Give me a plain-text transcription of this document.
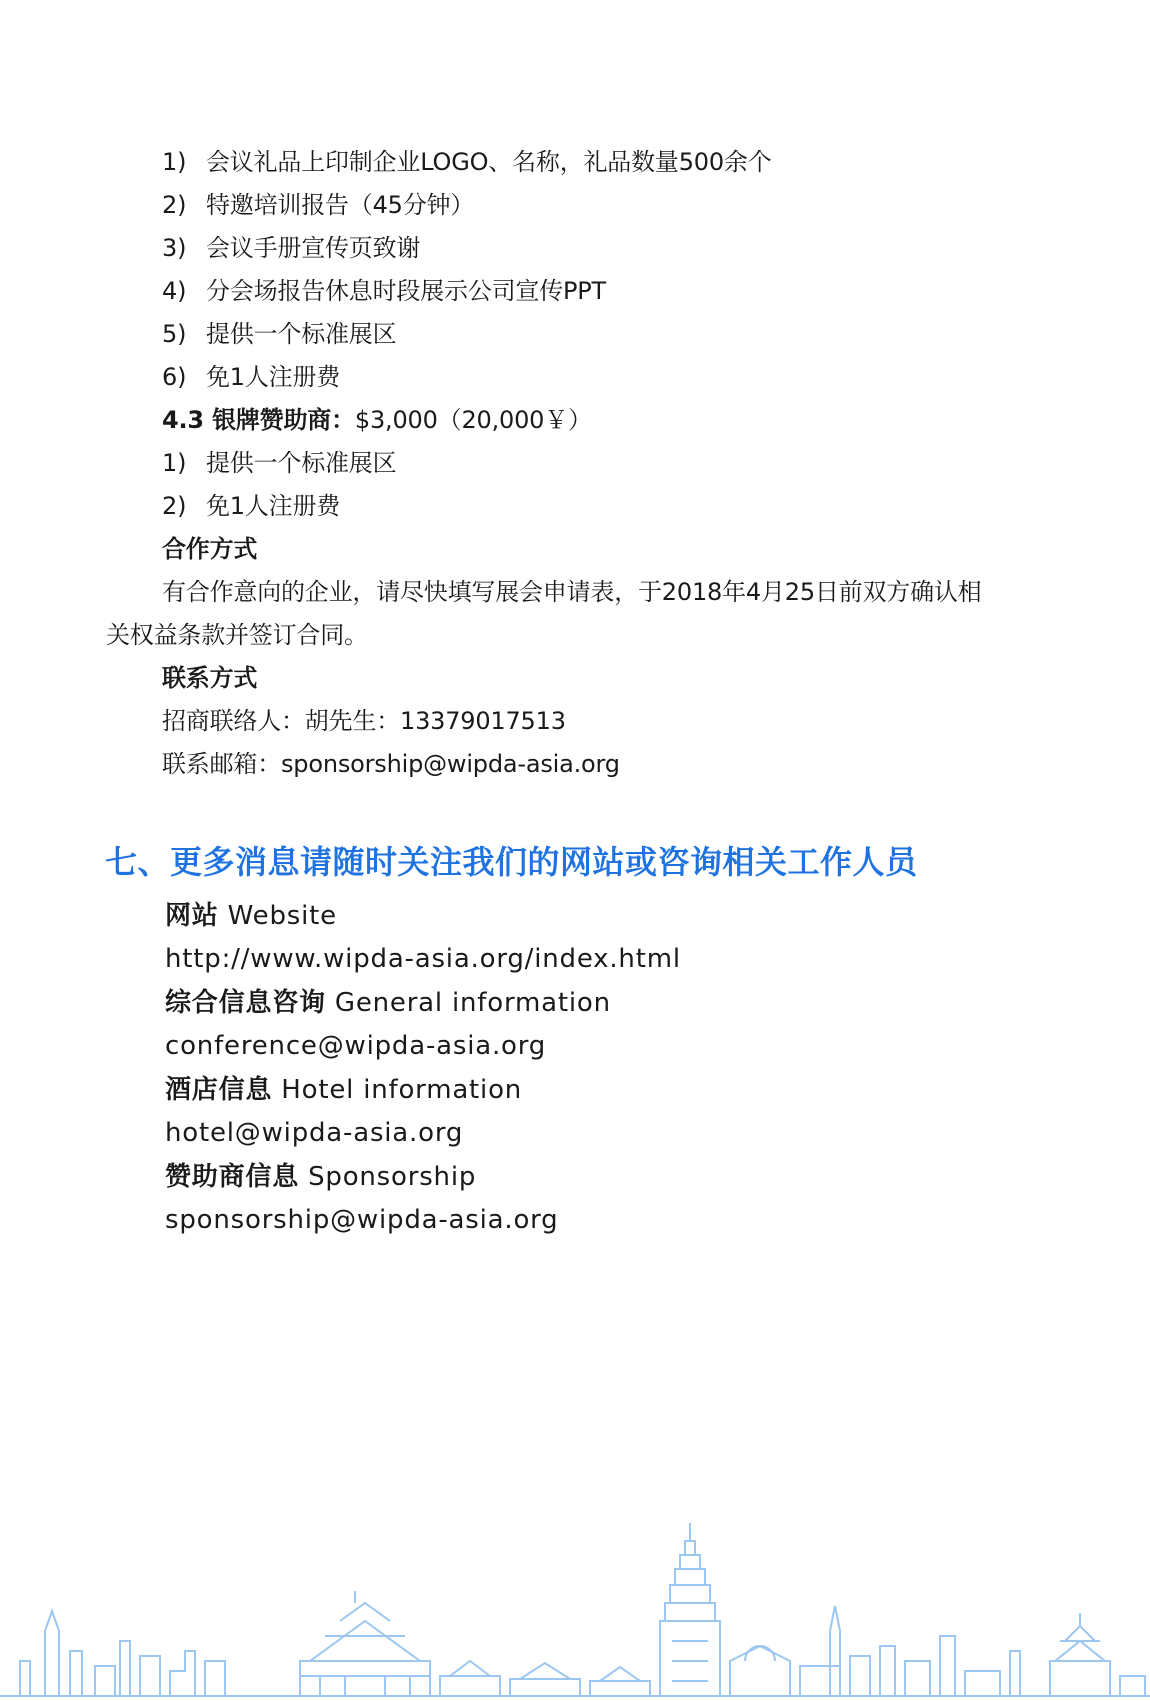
1) 会议礼品上印制企业LOGO、名称，礼品数量500余个
2) 特邀培训报告（45分钟）
3) 会议手册宣传页致谢
4) 分会场报告休息时段展示公司宣传PPT
5) 提供一个标准展区
6) 免1人注册费
4.3 银牌赞助商：$3,000（20,000￥）
1) 提供一个标准展区
2) 免1人注册费
合作方式
有合作意向的企业，请尽快填写展会申请表，于2018年4月25日前双方确认相
关权益条款并签订合同。
联系方式
招商联络人：胡先生：13379017513
联系邮箱：sponsorship@wipda-asia.org
七、更多消息请随时关注我们的网站或咨询相关工作人员
网站 Website
http://www.wipda-asia.org/index.html
综合信息咨询 General information
conference@wipda-asia.org
酒店信息 Hotel information
hotel@wipda-asia.org
赞助商信息 Sponsorship
sponsorship@wipda-asia.org
